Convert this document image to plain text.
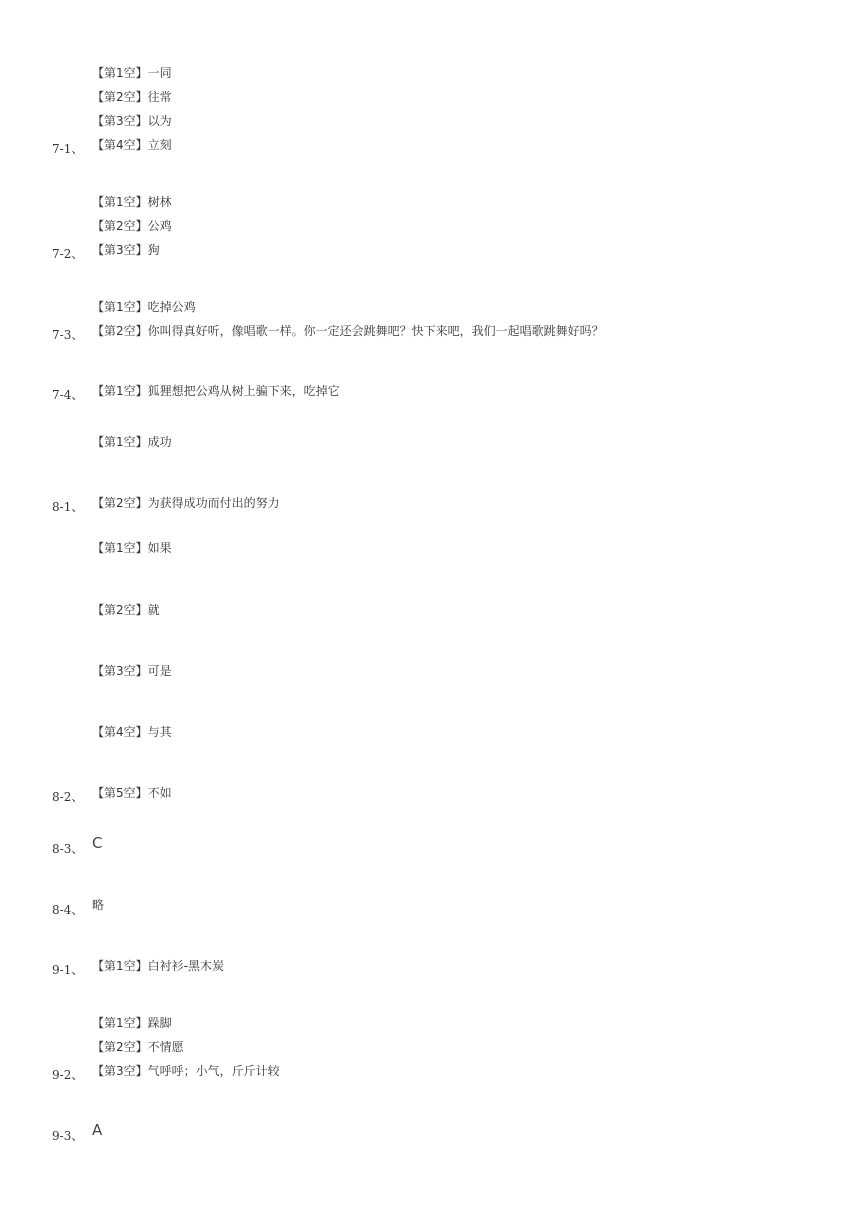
【第1空】一同
【第2空】往常
【第3空】以为
【第4空】立刻
7-1、
【第1空】树林
【第2空】公鸡
【第3空】狗
7-2、
【第1空】吃掉公鸡
【第2空】你叫得真好听，像唱歌一样。你一定还会跳舞吧？快下来吧，我们一起唱歌跳舞好吗？
7-3、
【第1空】狐狸想把公鸡从树上骗下来，吃掉它
7-4、
【第1空】成功
【第2空】为获得成功而付出的努力
8-1、
【第1空】如果
【第2空】就
【第3空】可是
【第4空】与其
【第5空】不如
8-2、
C
8-3、
略
8-4、
【第1空】白衬衫-黑木炭
9-1、
【第1空】跺脚
【第2空】不情愿
【第3空】气呼呼；小气，斤斤计较
9-2、
A
9-3、
